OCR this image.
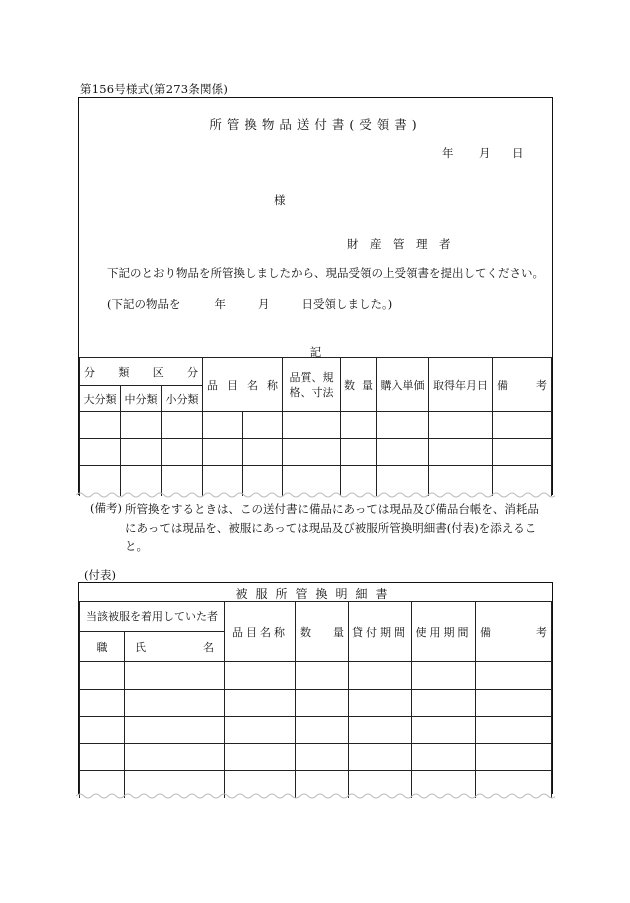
第156号様式(第273条関係)
所管換物品送付書(受領書)
年 月 日
様
財　産　管　理　者
下記のとおり物品を所管換しましたから、現品受領の上受領書を提出してください。
(下記の物品を	年	月	日受領しました。)
記
分 類 区 分			品 目 名 称		品質、規格、寸法	数 量	購入単価	取得年月日	備 考

大分類	中分類	小分類							

(備考) 所管換をするときは、この送付書に備品にあっては現品及び備品台帳を、消耗品にあっては現品を、被服にあっては現品及び被服所管換明細書(付表)を添えること。
(付表)
被服所管換明細書
当該被服を着用していた者		品目名称	数 量	貸付期間	使用期間	備 考

職	氏 名					
